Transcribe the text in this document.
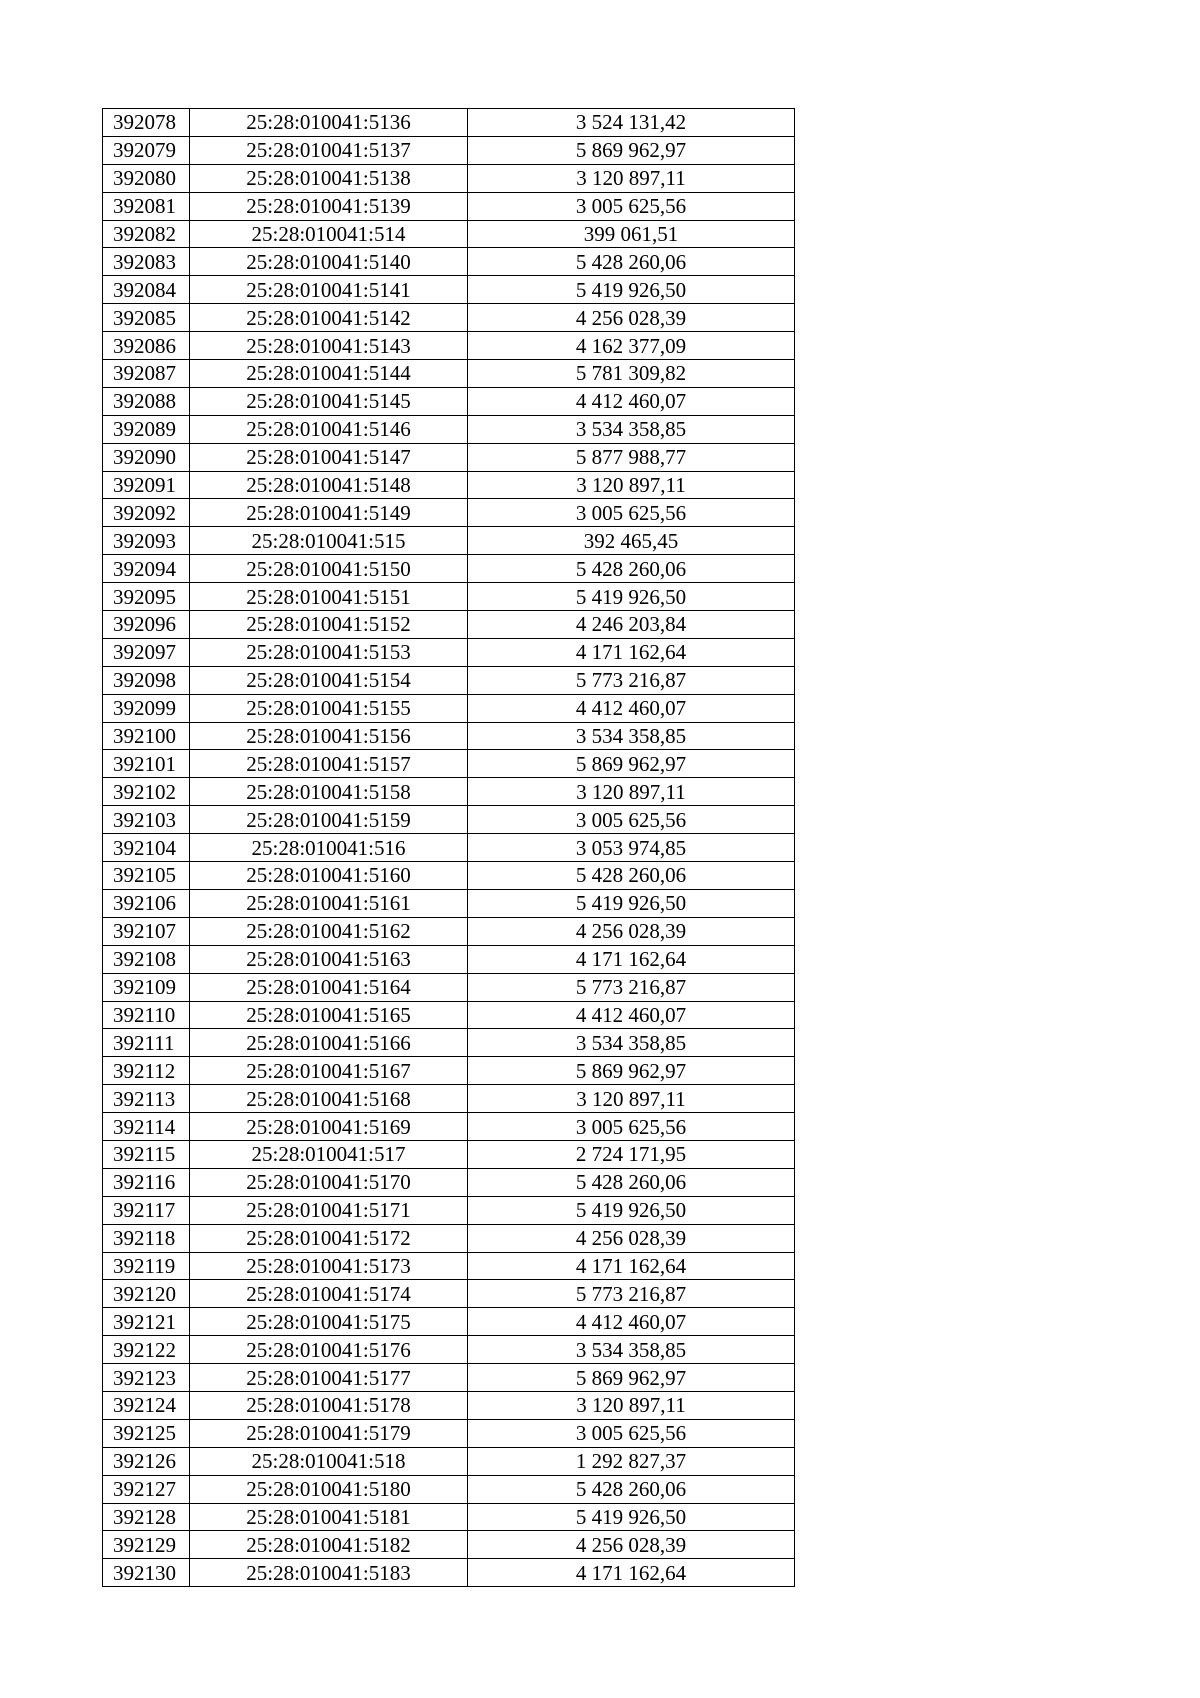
392078	25:28:010041:5136	3 524 131,42
392079	25:28:010041:5137	5 869 962,97
392080	25:28:010041:5138	3 120 897,11
392081	25:28:010041:5139	3 005 625,56
392082	25:28:010041:514	399 061,51
392083	25:28:010041:5140	5 428 260,06
392084	25:28:010041:5141	5 419 926,50
392085	25:28:010041:5142	4 256 028,39
392086	25:28:010041:5143	4 162 377,09
392087	25:28:010041:5144	5 781 309,82
392088	25:28:010041:5145	4 412 460,07
392089	25:28:010041:5146	3 534 358,85
392090	25:28:010041:5147	5 877 988,77
392091	25:28:010041:5148	3 120 897,11
392092	25:28:010041:5149	3 005 625,56
392093	25:28:010041:515	392 465,45
392094	25:28:010041:5150	5 428 260,06
392095	25:28:010041:5151	5 419 926,50
392096	25:28:010041:5152	4 246 203,84
392097	25:28:010041:5153	4 171 162,64
392098	25:28:010041:5154	5 773 216,87
392099	25:28:010041:5155	4 412 460,07
392100	25:28:010041:5156	3 534 358,85
392101	25:28:010041:5157	5 869 962,97
392102	25:28:010041:5158	3 120 897,11
392103	25:28:010041:5159	3 005 625,56
392104	25:28:010041:516	3 053 974,85
392105	25:28:010041:5160	5 428 260,06
392106	25:28:010041:5161	5 419 926,50
392107	25:28:010041:5162	4 256 028,39
392108	25:28:010041:5163	4 171 162,64
392109	25:28:010041:5164	5 773 216,87
392110	25:28:010041:5165	4 412 460,07
392111	25:28:010041:5166	3 534 358,85
392112	25:28:010041:5167	5 869 962,97
392113	25:28:010041:5168	3 120 897,11
392114	25:28:010041:5169	3 005 625,56
392115	25:28:010041:517	2 724 171,95
392116	25:28:010041:5170	5 428 260,06
392117	25:28:010041:5171	5 419 926,50
392118	25:28:010041:5172	4 256 028,39
392119	25:28:010041:5173	4 171 162,64
392120	25:28:010041:5174	5 773 216,87
392121	25:28:010041:5175	4 412 460,07
392122	25:28:010041:5176	3 534 358,85
392123	25:28:010041:5177	5 869 962,97
392124	25:28:010041:5178	3 120 897,11
392125	25:28:010041:5179	3 005 625,56
392126	25:28:010041:518	1 292 827,37
392127	25:28:010041:5180	5 428 260,06
392128	25:28:010041:5181	5 419 926,50
392129	25:28:010041:5182	4 256 028,39
392130	25:28:010041:5183	4 171 162,64
